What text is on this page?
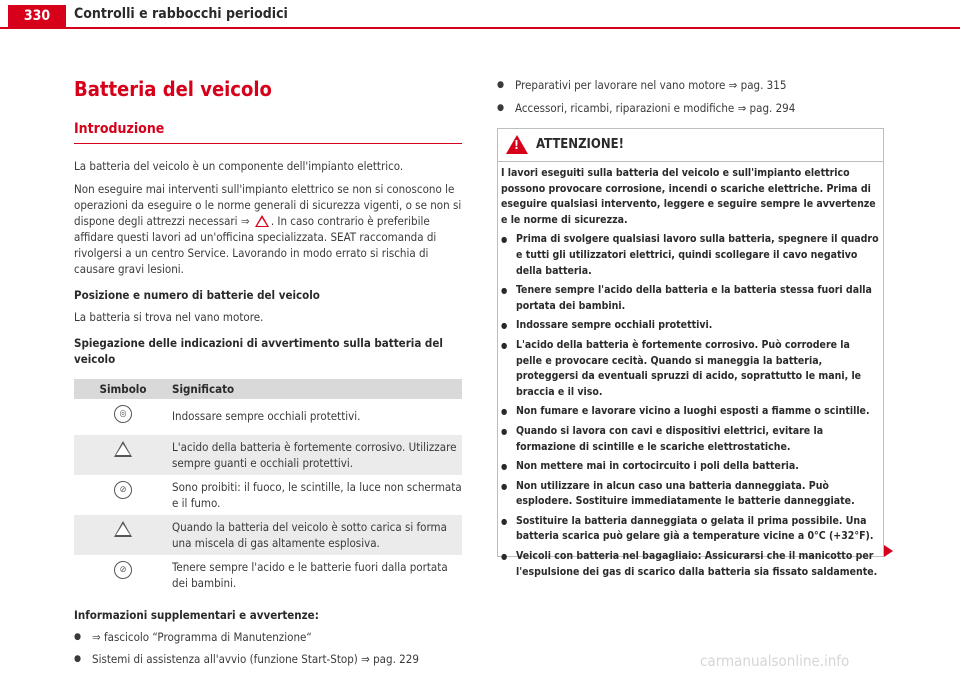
330	Controlli e rabbocchi periodici
Batteria del veicolo
Introduzione

La batteria del veicolo è un componente dell'impianto elettrico.

Non eseguire mai interventi sull'impianto elettrico se non si conoscono le operazioni da eseguire o le norme generali di sicurezza vigenti, o se non si dispone degli attrezzi necessari ⇒ . In caso contrario è preferibile affidare questi lavori ad un'officina specializzata. SEAT raccomanda di rivolgersi a un centro Service. Lavorando in modo errato si rischia di causare gravi lesioni.

Posizione e numero di batterie del veicolo

La batteria si trova nel vano motore.

Spiegazione delle indicazioni di avvertimento sulla batteria del veicolo

Simbolo	Significato
◎	Indossare sempre occhiali protettivi.
	L'acido della batteria è fortemente corrosivo. Utilizzare sempre guanti e occhiali protettivi.
⊘	Sono proibiti: il fuoco, le scintille, la luce non schermata e il fumo.
	Quando la batteria del veicolo è sotto carica si forma una miscela di gas altamente esplosiva.
⊘	Tenere sempre l'acido e le batterie fuori dalla portata dei bambini.

Informazioni supplementari e avvertenze:

● ⇒ fascicolo “Programma di Manutenzione“

● Sistemi di assistenza all'avvio (funzione Start-Stop) ⇒ pag. 229

● Preparativi per lavorare nel vano motore ⇒ pag. 315

● Accessori, ricambi, riparazioni e modifiche ⇒ pag. 294

!
ATTENZIONE!

I lavori eseguiti sulla batteria del veicolo e sull'impianto elettrico possono provocare corrosione, incendi o scariche elettriche. Prima di eseguire qualsiasi intervento, leggere e seguire sempre le avvertenze e le norme di sicurezza.

● Prima di svolgere qualsiasi lavoro sulla batteria, spegnere il quadro e tutti gli utilizzatori elettrici, quindi scollegare il cavo negativo della batteria.

● Tenere sempre l'acido della batteria e la batteria stessa fuori dalla portata dei bambini.

● Indossare sempre occhiali protettivi.

● L'acido della batteria è fortemente corrosivo. Può corrodere la pelle e provocare cecità. Quando si maneggia la batteria, proteggersi da eventuali spruzzi di acido, soprattutto le mani, le braccia e il viso.

● Non fumare e lavorare vicino a luoghi esposti a fiamme o scintille.

● Quando si lavora con cavi e dispositivi elettrici, evitare la formazione di scintille e le scariche elettrostatiche.

● Non mettere mai in cortocircuito i poli della batteria.

● Non utilizzare in alcun caso una batteria danneggiata. Può esplodere. Sostituire immediatamente le batterie danneggiate.

● Sostituire la batteria danneggiata o gelata il prima possibile. Una batteria scarica può gelare già a temperature vicine a 0°C (+32°F).

● Veicoli con batteria nel bagagliaio: Assicurarsi che il manicotto per l'espulsione dei gas di scarico dalla batteria sia fissato saldamente.

carmanualsonline.info
